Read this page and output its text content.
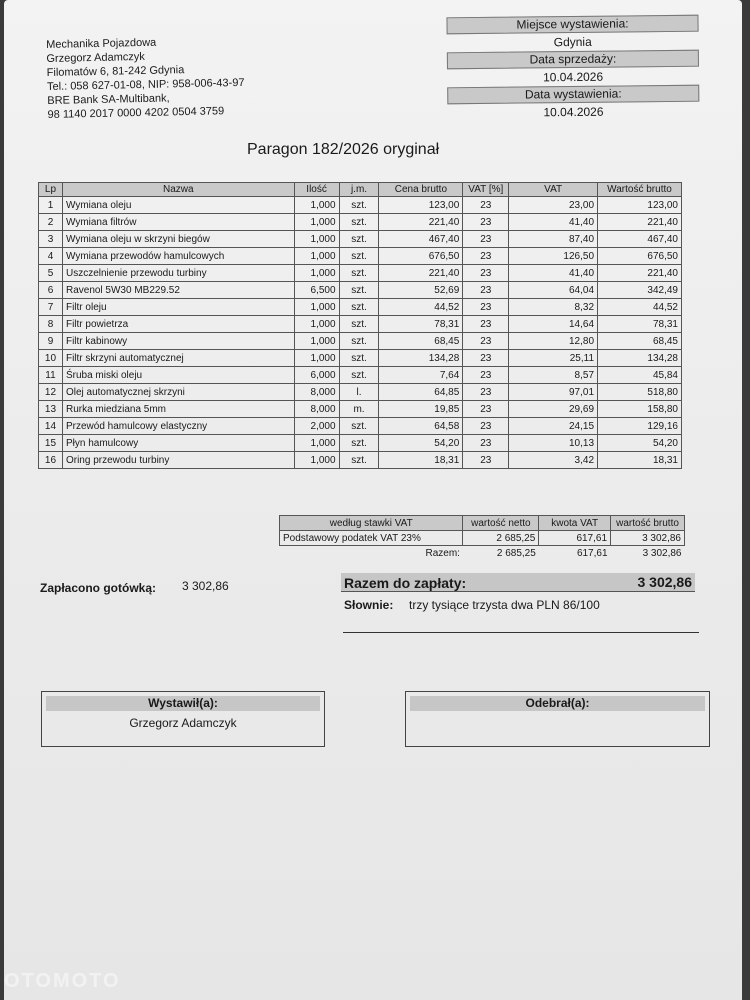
Mechanika Pojazdowa
Grzegorz Adamczyk
Filomatów 6, 81-242 Gdynia
Tel.: 058 627-01-08, NIP: 958-006-43-97
BRE Bank SA-Multibank,
98 1140 2017 0000 4202 0504 3759
Miejsce wystawienia:
Gdynia
Data sprzedaży:
10.04.2026
Data wystawienia:
10.04.2026
Paragon 182/2026 oryginał
Lp	Nazwa	Ilość	j.m.	Cena brutto	VAT [%]	VAT	Wartość brutto
1	Wymiana oleju	1,000	szt.	123,00	23	23,00	123,00
2	Wymiana filtrów	1,000	szt.	221,40	23	41,40	221,40
3	Wymiana oleju w skrzyni biegów	1,000	szt.	467,40	23	87,40	467,40
4	Wymiana przewodów hamulcowych	1,000	szt.	676,50	23	126,50	676,50
5	Uszczelnienie przewodu turbiny	1,000	szt.	221,40	23	41,40	221,40
6	Ravenol 5W30 MB229.52	6,500	szt.	52,69	23	64,04	342,49
7	Filtr oleju	1,000	szt.	44,52	23	8,32	44,52
8	Filtr powietrza	1,000	szt.	78,31	23	14,64	78,31
9	Filtr kabinowy	1,000	szt.	68,45	23	12,80	68,45
10	Filtr skrzyni automatycznej	1,000	szt.	134,28	23	25,11	134,28
11	Śruba miski oleju	6,000	szt.	7,64	23	8,57	45,84
12	Olej automatycznej skrzyni	8,000	l.	64,85	23	97,01	518,80
13	Rurka miedziana 5mm	8,000	m.	19,85	23	29,69	158,80
14	Przewód hamulcowy elastyczny	2,000	szt.	64,58	23	24,15	129,16
15	Płyn hamulcowy	1,000	szt.	54,20	23	10,13	54,20
16	Oring przewodu turbiny	1,000	szt.	18,31	23	3,42	18,31
według stawki VAT	wartość netto	kwota VAT	wartość brutto
Podstawowy podatek VAT 23%	2 685,25	617,61	3 302,86
Razem:	2 685,25	617,61	3 302,86
Zapłacono gotówką: 3 302,86	Razem do zapłaty:	3 302,86
Słownie: trzy tysiące trzysta dwa PLN 86/100
Wystawił(a):
Grzegorz Adamczyk
Odebrał(a):
OTOMOTO
